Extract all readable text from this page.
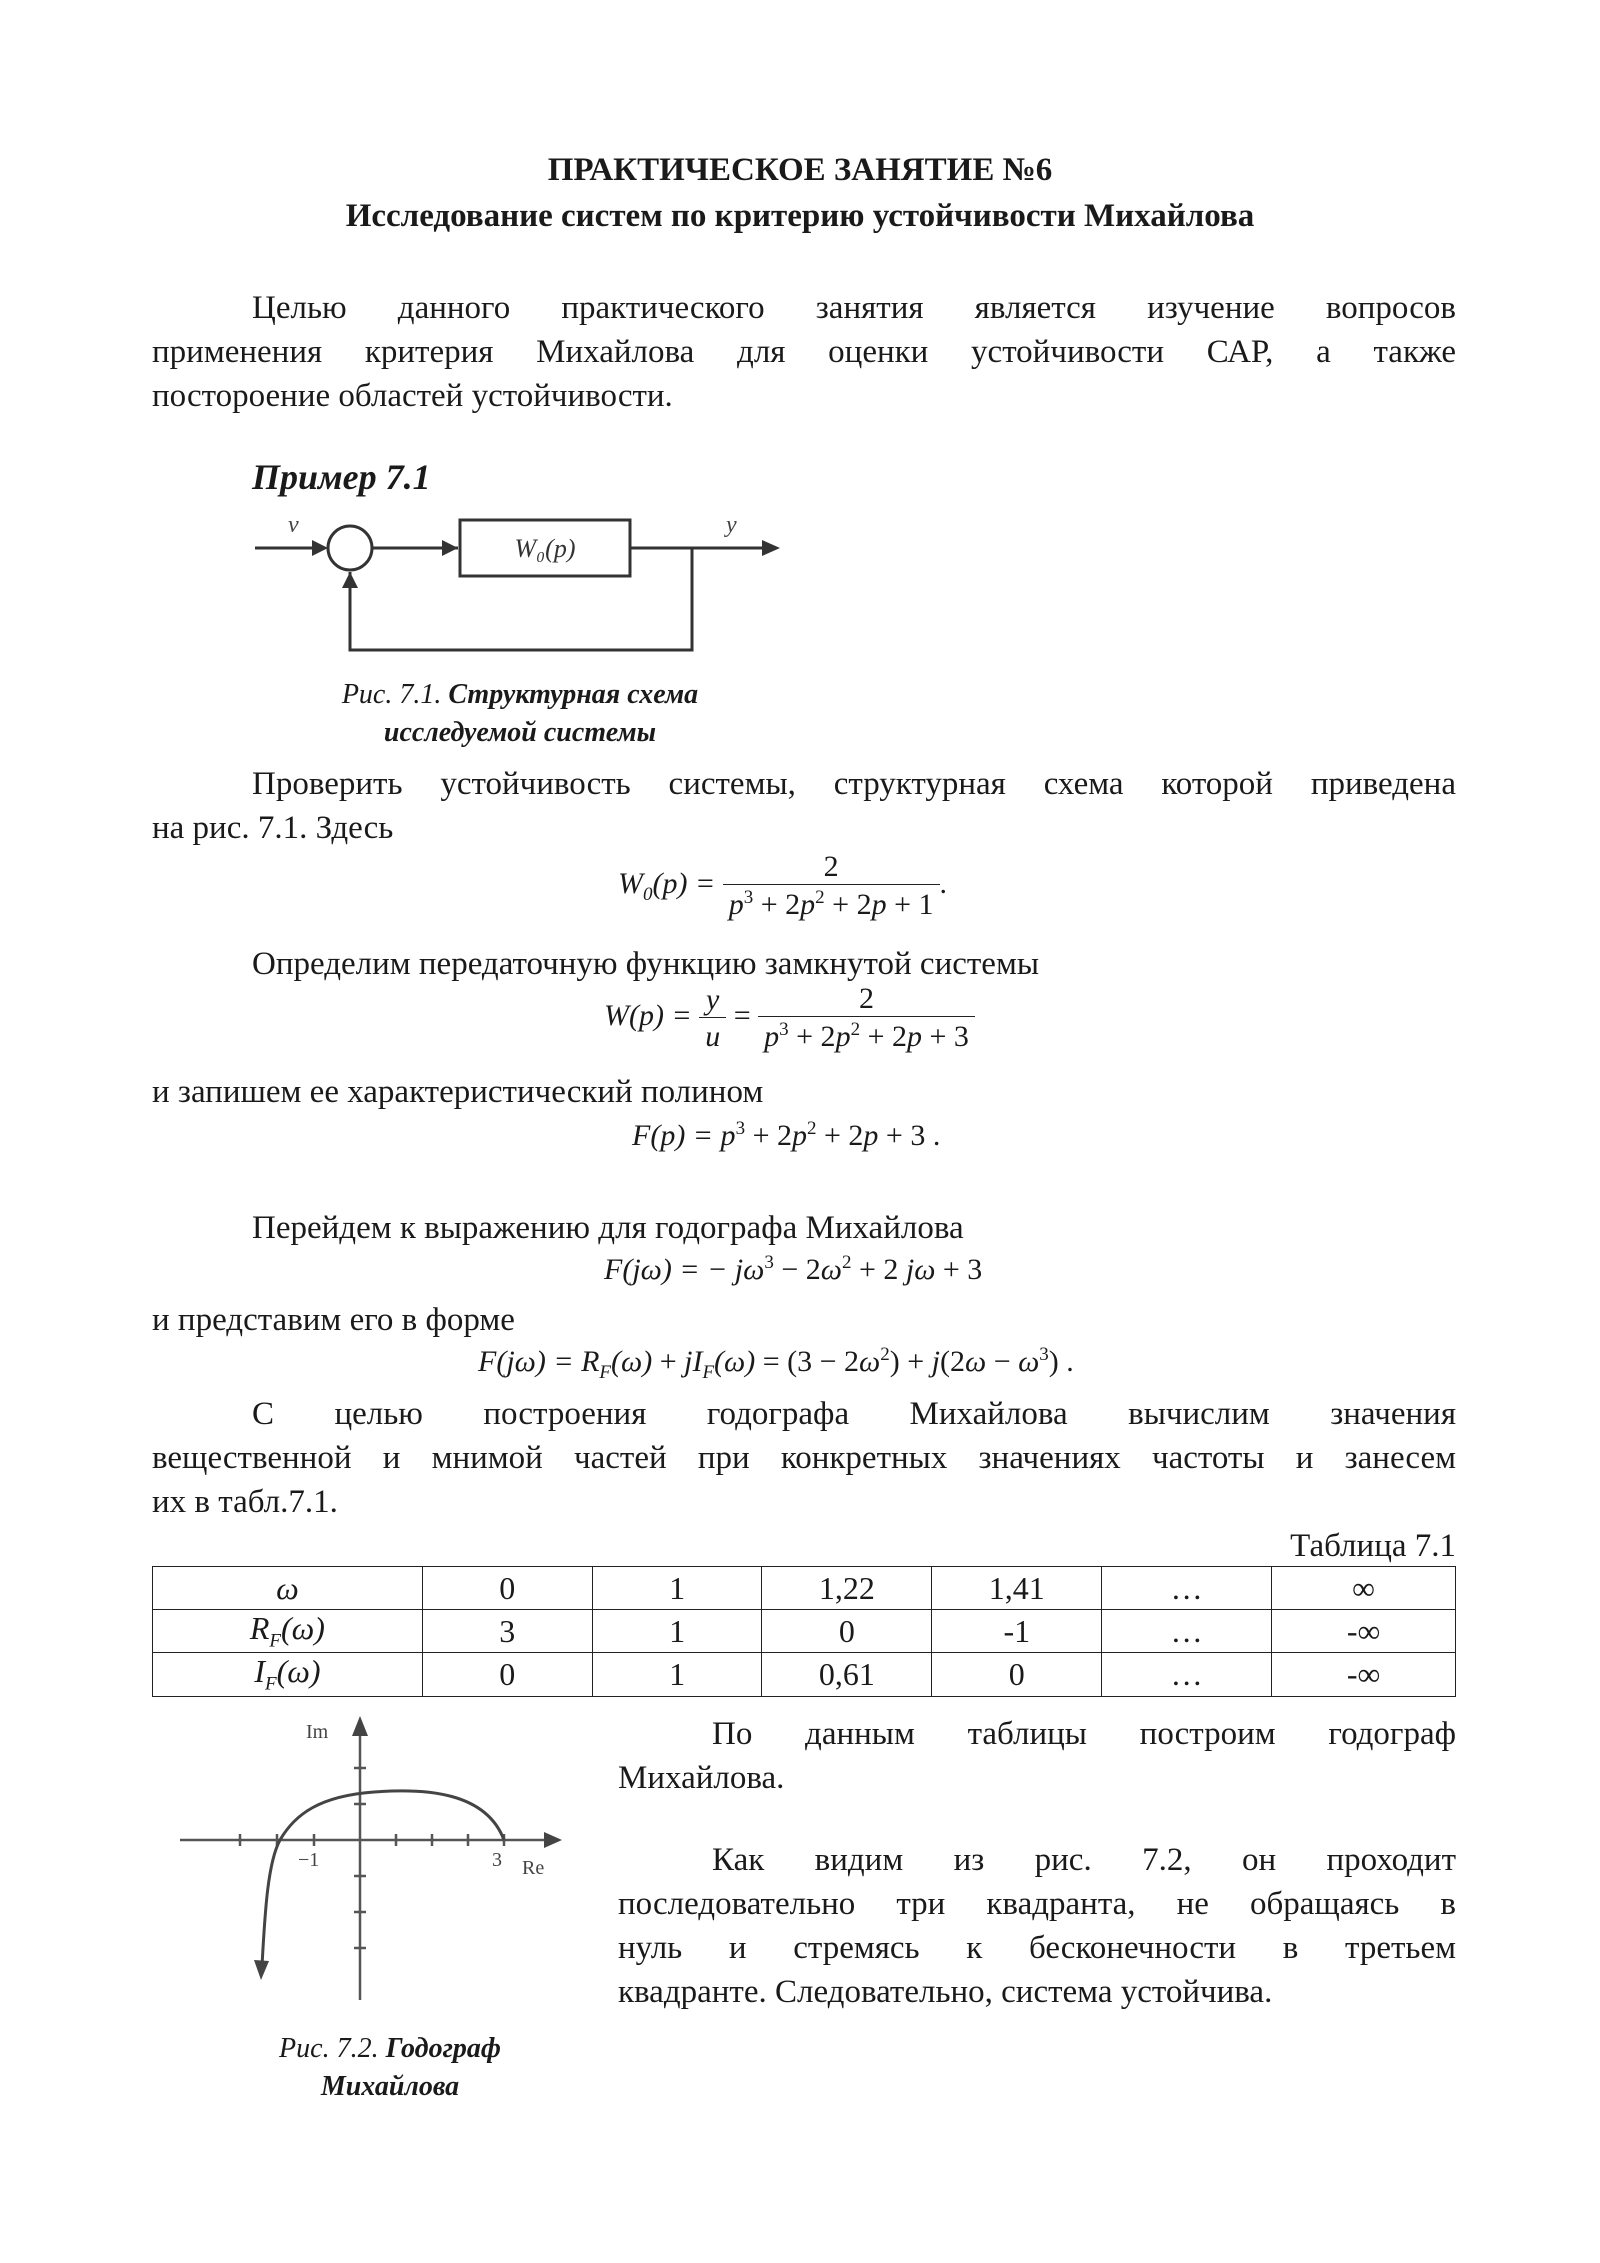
ПРАКТИЧЕСКОЕ ЗАНЯТИЕ №6
Исследование систем по критерию устойчивости Михайлова
Целью данного практического занятия является изучение вопросов
применения критерия Михайлова для оценки устойчивости САР, а также
постороение областей устойчивости.
Пример 7.1
v	y
W₀(p)
Рис. 7.1. Структурная схема
исследуемой системы
Проверить устойчивость системы, структурная схема которой приведена
на рис. 7.1. Здесь
$W_0(p) = \frac{2}{p^3 + 2p^2 + 2p + 1}$ .
Определим передаточную функцию замкнутой системы
$W(p) = \frac{y}{u} = \frac{2}{p^3 + 2p^2 + 2p + 3}$
и запишем ее характеристический полином
$F(p) = p^3 + 2p^2 + 2p + 3$ .
Перейдем к выражению для годографа Михайлова
F(jω) = − $j\omega^3 - 2\omega^2 + 2$ jω + 3
и представим его в форме
$F(j\omega) = R_F(\omega) + jI_F(\omega) = (3 - 2\omega^2) + j(2\omega - \omega^3)$ .
С целью построения годографа Михайлова вычислим значения
вещественной и мнимой частей при конкретных значениях частоты и занесем
их в табл.7.1.
Таблица 7.1
ω	0	1	1,22	1,41	…	∞
$R_F(\omega)$	3	1	0	-1	…	-∞
$I_F(\omega)$	0	1	0,61	0	…	-∞
Im
Re
−1	3
Рис. 7.2. Годограф
Михайлова
По данным таблицы построим годограф
Михайлова.
Как видим из рис. 7.2, он проходит
последовательно три квадранта, не обращаясь в
нуль и стремясь к бесконечности в третьем
квадранте. Следовательно, система устойчива.
